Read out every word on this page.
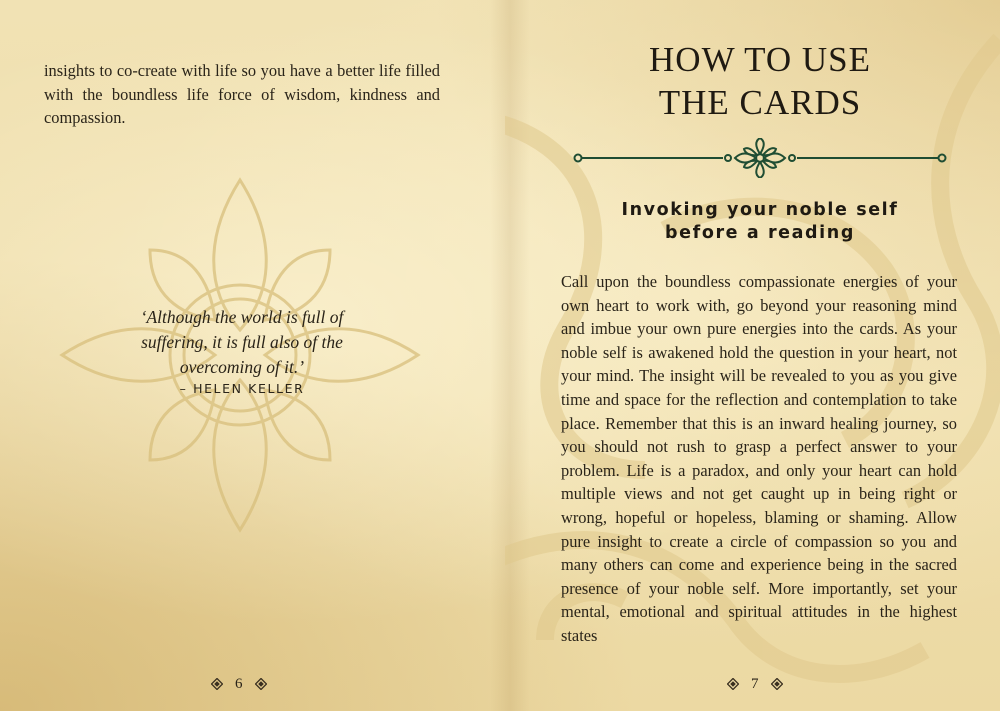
insights to co-create with life so you have a better life filled with the boundless life force of wisdom, kindness and compassion.

‘Although the world is full of suffering, it is full also of the overcoming of it.’

– HELEN KELLER
6
HOW TO USE
THE CARDS
Invoking your noble self
before a reading

Call upon the boundless compassionate energies of your own heart to work with, go beyond your reasoning mind and imbue your own pure energies into the cards. As your noble self is awakened hold the question in your heart, not your mind. The insight will be revealed to you as you give time and space for the reflection and contemplation to take place. Remember that this is an inward healing journey, so you should not rush to grasp a perfect answer to your problem. Life is a paradox, and only your heart can hold multiple views and not get caught up in being right or wrong, hopeful or hopeless, blaming or shaming. Allow pure insight to create a circle of compassion so you and many others can come and experience being in the sacred presence of your noble self. More importantly, set your mental, emotional and spiritual attitudes in the highest states

7
